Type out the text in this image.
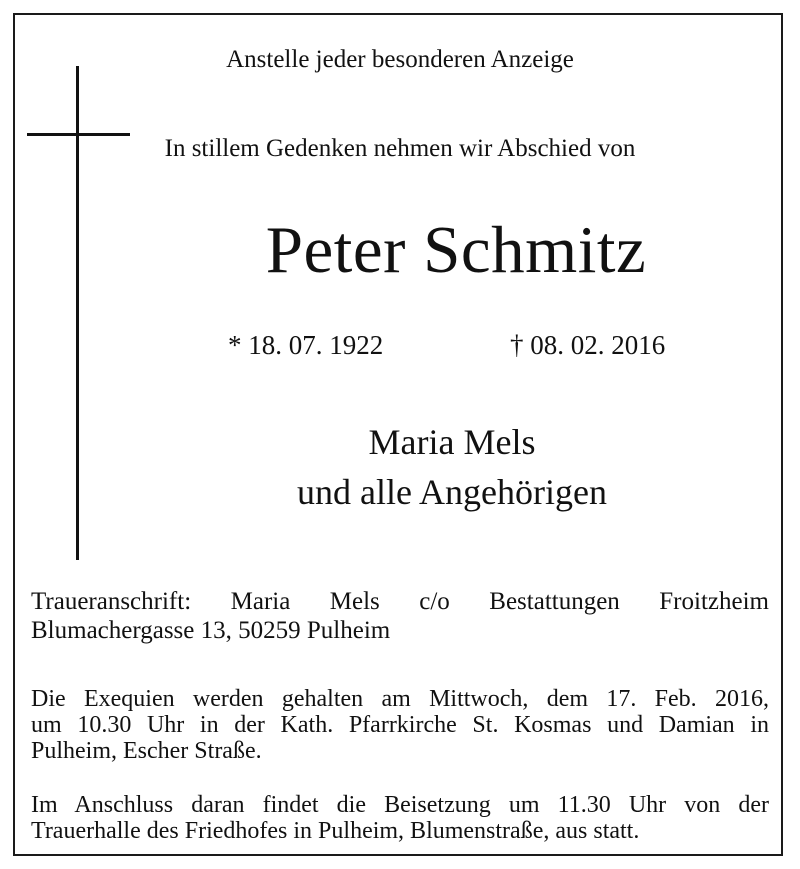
Anstelle jeder besonderen Anzeige
In stillem Gedenken nehmen wir Abschied von
Peter Schmitz
* 18. 07. 1922	† 08. 02. 2016
Maria Mels
und alle Angehörigen
Traueranschrift: Maria Mels c/o Bestattungen Froitzheim
Blumachergasse 13, 50259 Pulheim
Die Exequien werden gehalten am Mittwoch, dem 17. Feb. 2016,
um 10.30 Uhr in der Kath. Pfarrkirche St. Kosmas und Damian in
Pulheim, Escher Straße.
Im Anschluss daran findet die Beisetzung um 11.30 Uhr von der
Trauerhalle des Friedhofes in Pulheim, Blumenstraße, aus statt.
